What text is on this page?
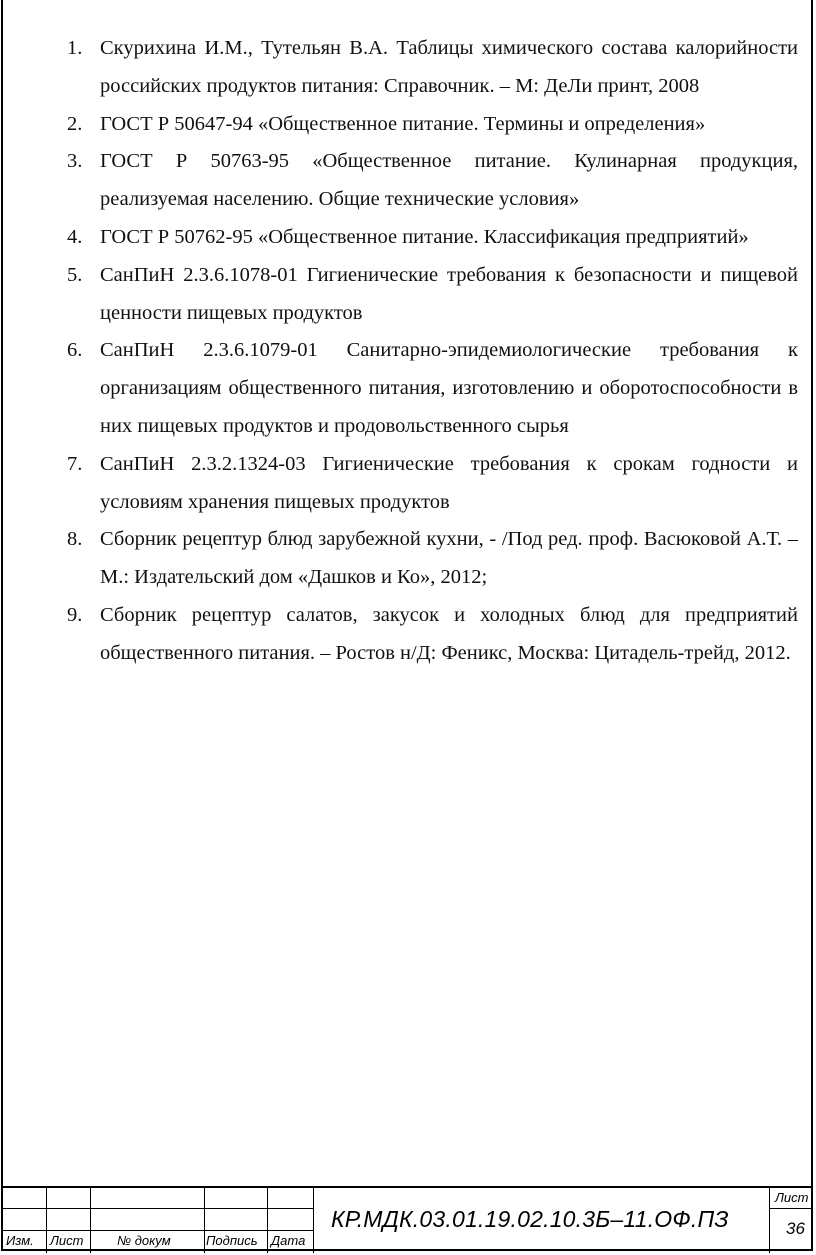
1. Скурихина И.М., Тутельян В.А. Таблицы химического состава калорийности российских продуктов питания: Справочник. – М: ДеЛи принт, 2008
2. ГОСТ Р 50647-94 «Общественное питание. Термины и определения»
3. ГОСТ Р 50763-95 «Общественное питание. Кулинарная продукция, реализуемая населению. Общие технические условия»
4. ГОСТ Р 50762-95 «Общественное питание. Классификация предприятий»
5. СанПиН 2.3.6.1078-01 Гигиенические требования к безопасности и пищевой ценности пищевых продуктов
6. СанПиН 2.3.6.1079-01 Санитарно-эпидемиологические требования к организациям общественного питания, изготовлению и оборотоспособности в них пищевых продуктов и продовольственного сырья
7. СанПиН 2.3.2.1324-03 Гигиенические требования к срокам годности и условиям хранения пищевых продуктов
8. Сборник рецептур блюд зарубежной кухни, - /Под ред. проф. Васюковой А.Т. – М.: Издательский дом «Дашков и Ко», 2012;
9. Сборник рецептур салатов, закусок и холодных блюд для предприятий общественного питания. – Ростов н/Д: Феникс, Москва: Цитадель-трейд, 2012.
Изм. Лист	№ докум	Подпись Дата
КР.МДК.03.01.19.02.10.3Б–11.ОФ.ПЗ
Лист
36
